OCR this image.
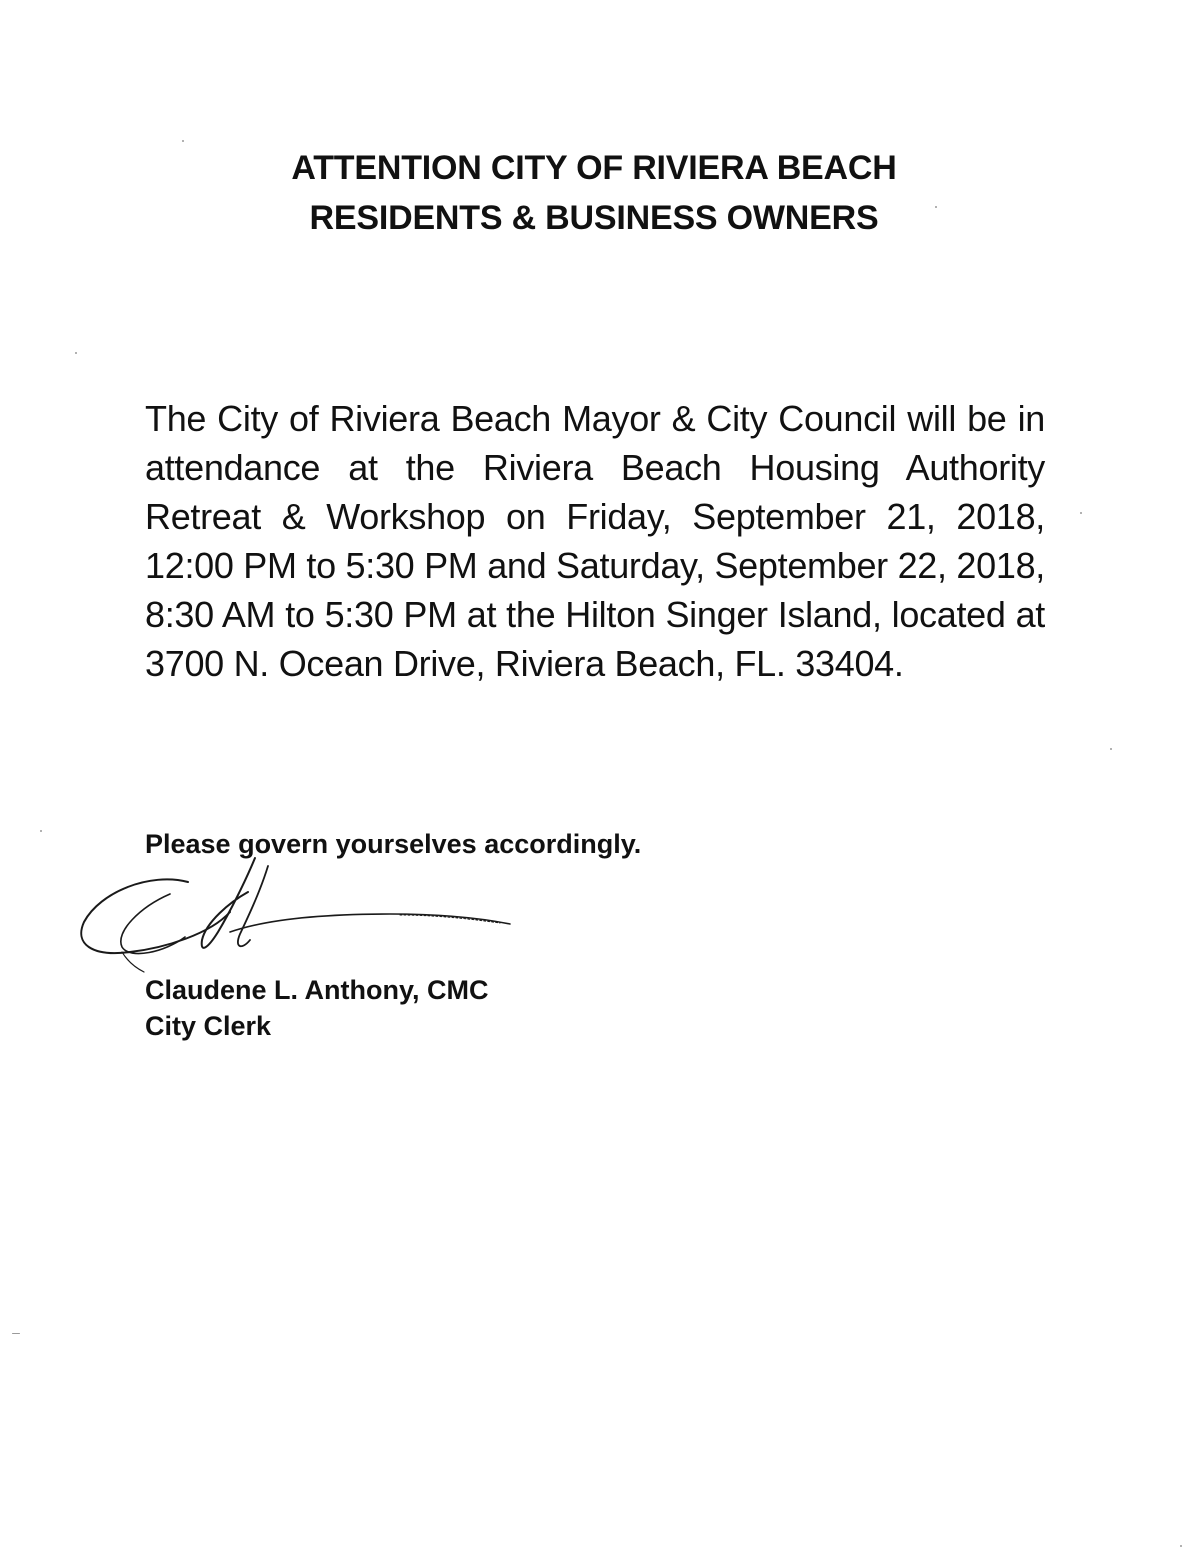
ATTENTION CITY OF RIVIERA BEACH
RESIDENTS & BUSINESS OWNERS
The City of Riviera Beach Mayor & City Council will be in attendance at the Riviera Beach Housing Authority Retreat & Workshop on Friday, September 21, 2018, 12:00 PM to 5:30 PM and Saturday, September 22, 2018, 8:30 AM to 5:30 PM at the Hilton Singer Island, located at 3700 N. Ocean Drive, Riviera Beach, FL. 33404.
Please govern yourselves accordingly.
Claudene L. Anthony, CMC
City Clerk
